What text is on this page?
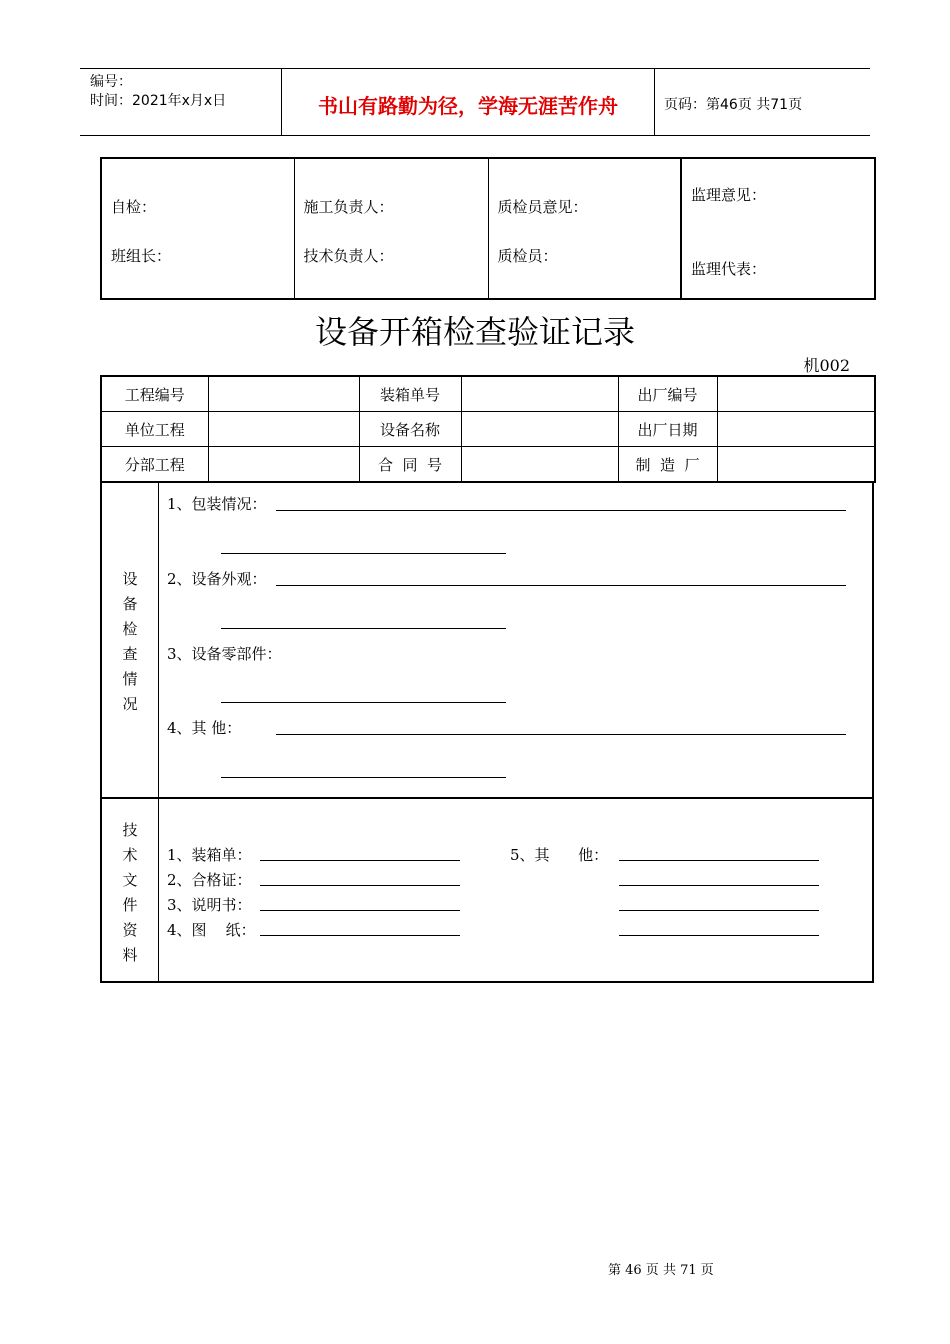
编号：
时间：2021年x月x日	书山有路勤为径，学海无涯苦作舟	页码：第46页 共71页
自检：
班组长：

施工负责人：
技术负责人：

质检员意见：
质检员：

监理意见：
监理代表：
设备开箱检查验证记录
机002
工程编号		装箱单号		出厂编号	
单位工程		设备名称		出厂日期	
分部工程		合  同  号		制  造  厂	
设
备
检
查
情
况
1、包装情况：
2、设备外观：
3、设备零部件：
4、其 他：
技
术
文
件
资
料
1、装箱单：
2、合格证：
3、说明书：
4、图    纸：
5、其      他：
第 46 页 共 71 页
